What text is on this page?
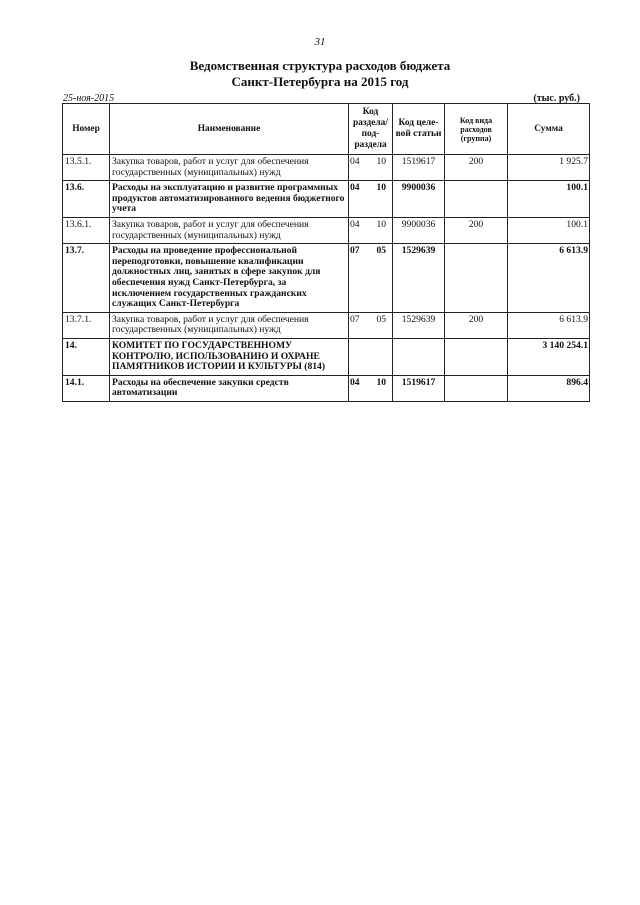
31
Ведомственная структура расходов бюджета
Санкт-Петербурга на 2015 год
25-ноя-2015	(тыс. руб.)
Номер	Наименование	Код раздела/ под- раздела		Код целе- вой статьи	Код вида расходов (группа)	Сумма
13.5.1.	Закупка товаров, работ и услуг для обеспечения государственных (муниципальных) нужд	04	10	1519617	200	1 925.7
13.6.	Расходы на эксплуатацию и развитие программных продуктов автоматизированного ведения бюджетного учета	04	10	9900036		100.1
13.6.1.	Закупка товаров, работ и услуг для обеспечения государственных (муниципальных) нужд	04	10	9900036	200	100.1
13.7.	Расходы на проведение профессиональной переподготовки, повышение квалификации должностных лиц, занятых в сфере закупок для обеспечения нужд Санкт-Петербурга, за исключением государственных гражданских служащих Санкт-Петербурга	07	05	1529639		6 613.9
13.7.1.	Закупка товаров, работ и услуг для обеспечения государственных (муниципальных) нужд	07	05	1529639	200	6 613.9
14.	КОМИТЕТ ПО ГОСУДАРСТВЕННОМУ КОНТРОЛЮ, ИСПОЛЬЗОВАНИЮ И ОХРАНЕ ПАМЯТНИКОВ ИСТОРИИ И КУЛЬТУРЫ (814)					3 140 254.1
14.1.	Расходы на обеспечение закупки средств автоматизации	04	10	1519617		896.4
